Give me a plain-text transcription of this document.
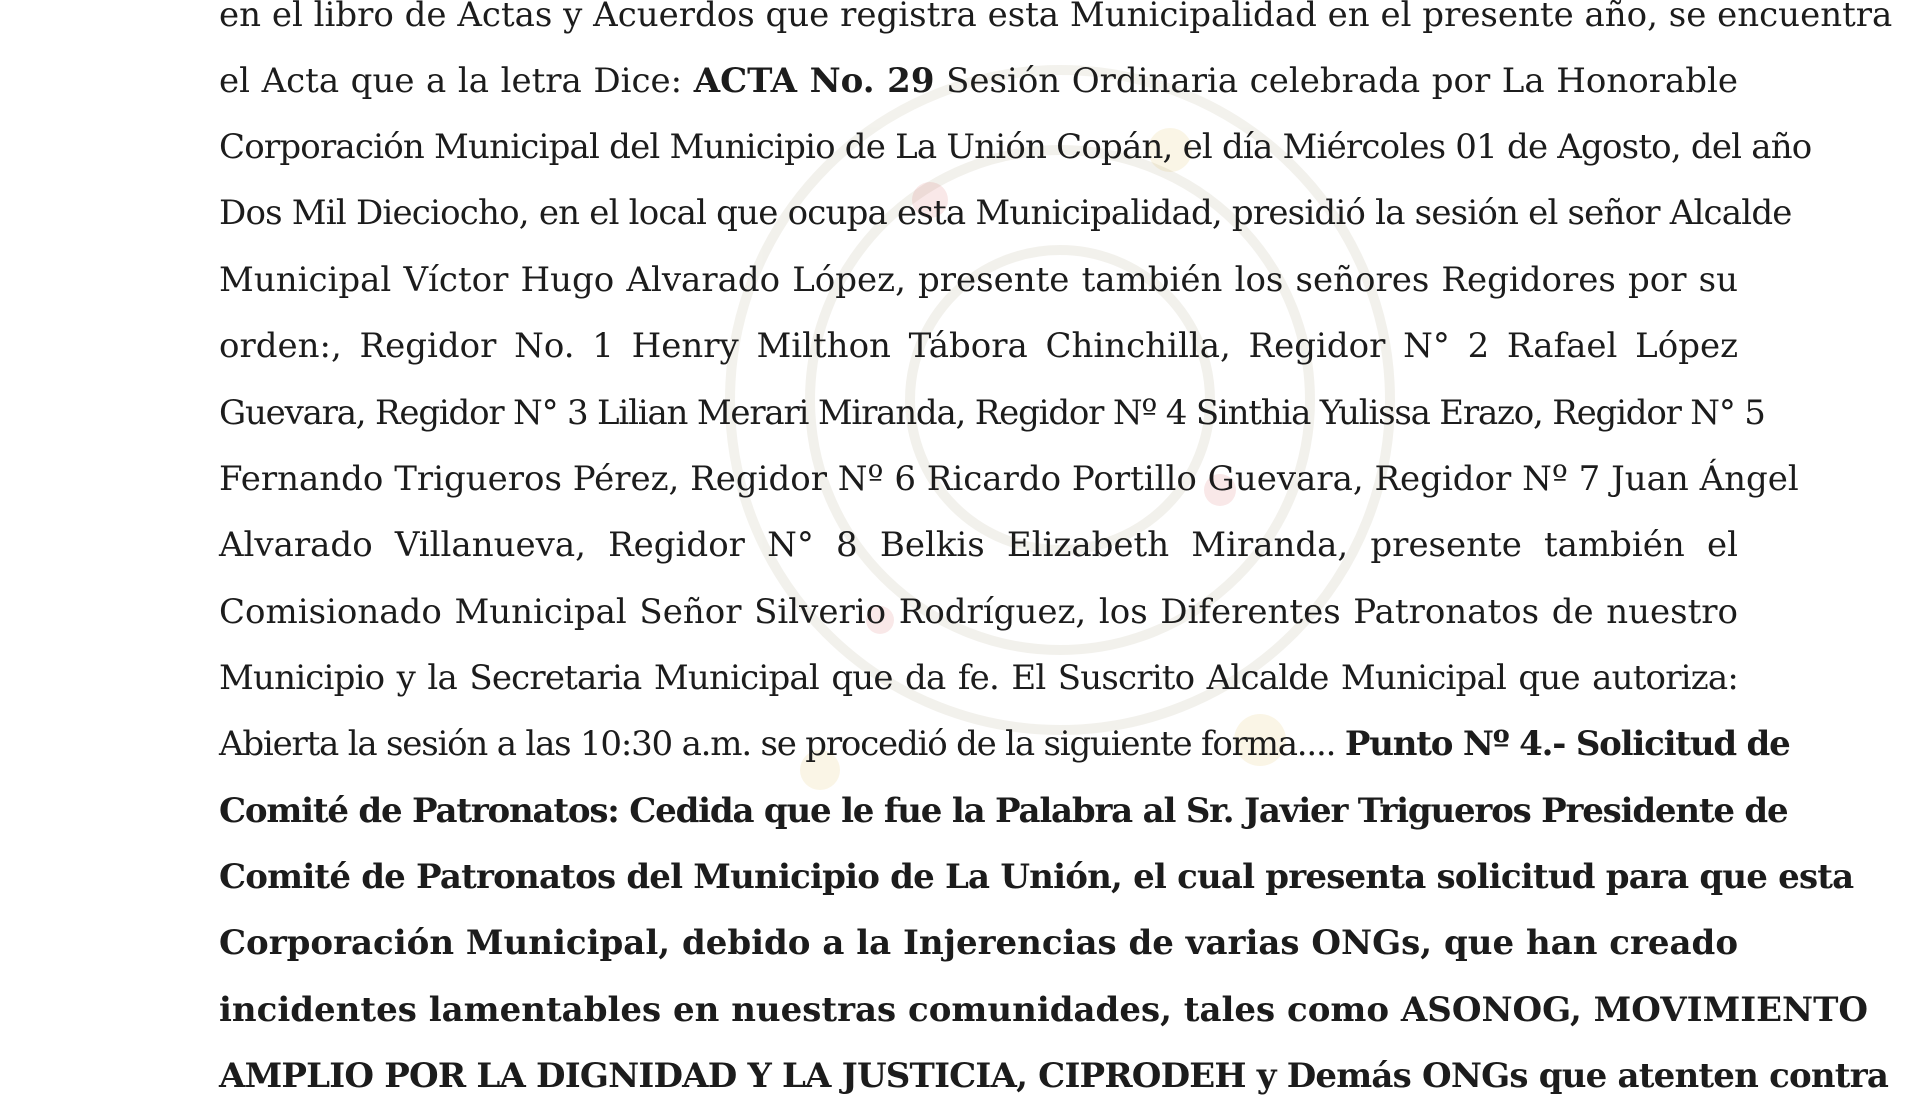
en el libro de Actas y Acuerdos que registra esta Municipalidad en el presente año, se encuentra
el Acta que a la letra Dice: ACTA No. 29 Sesión Ordinaria celebrada por La Honorable
Corporación Municipal del Municipio de La Unión Copán, el día Miércoles 01 de Agosto, del año
Dos Mil Dieciocho, en el local que ocupa esta Municipalidad, presidió la sesión el señor Alcalde
Municipal Víctor Hugo Alvarado López, presente también los señores Regidores por su
orden:, Regidor No. 1 Henry Milthon Tábora Chinchilla, Regidor N° 2 Rafael López
Guevara, Regidor N° 3 Lilian Merari Miranda, Regidor Nº 4 Sinthia Yulissa Erazo, Regidor N° 5
Fernando Trigueros Pérez, Regidor Nº 6 Ricardo Portillo Guevara, Regidor Nº 7 Juan Ángel
Alvarado Villanueva, Regidor N° 8 Belkis Elizabeth Miranda, presente también el
Comisionado Municipal Señor Silverio Rodríguez, los Diferentes Patronatos de nuestro
Municipio y la Secretaria Municipal que da fe. El Suscrito Alcalde Municipal que autoriza:
Abierta la sesión a las 10:30 a.m. se procedió de la siguiente forma.... Punto Nº 4.- Solicitud de
Comité de Patronatos: Cedida que le fue la Palabra al Sr. Javier Trigueros Presidente de
Comité de Patronatos del Municipio de La Unión, el cual presenta solicitud para que esta
Corporación Municipal, debido a la Injerencias de varias ONGs, que han creado
incidentes lamentables en nuestras comunidades, tales como ASONOG, MOVIMIENTO
AMPLIO POR LA DIGNIDAD Y LA JUSTICIA, CIPRODEH y Demás ONGs que atenten contra
